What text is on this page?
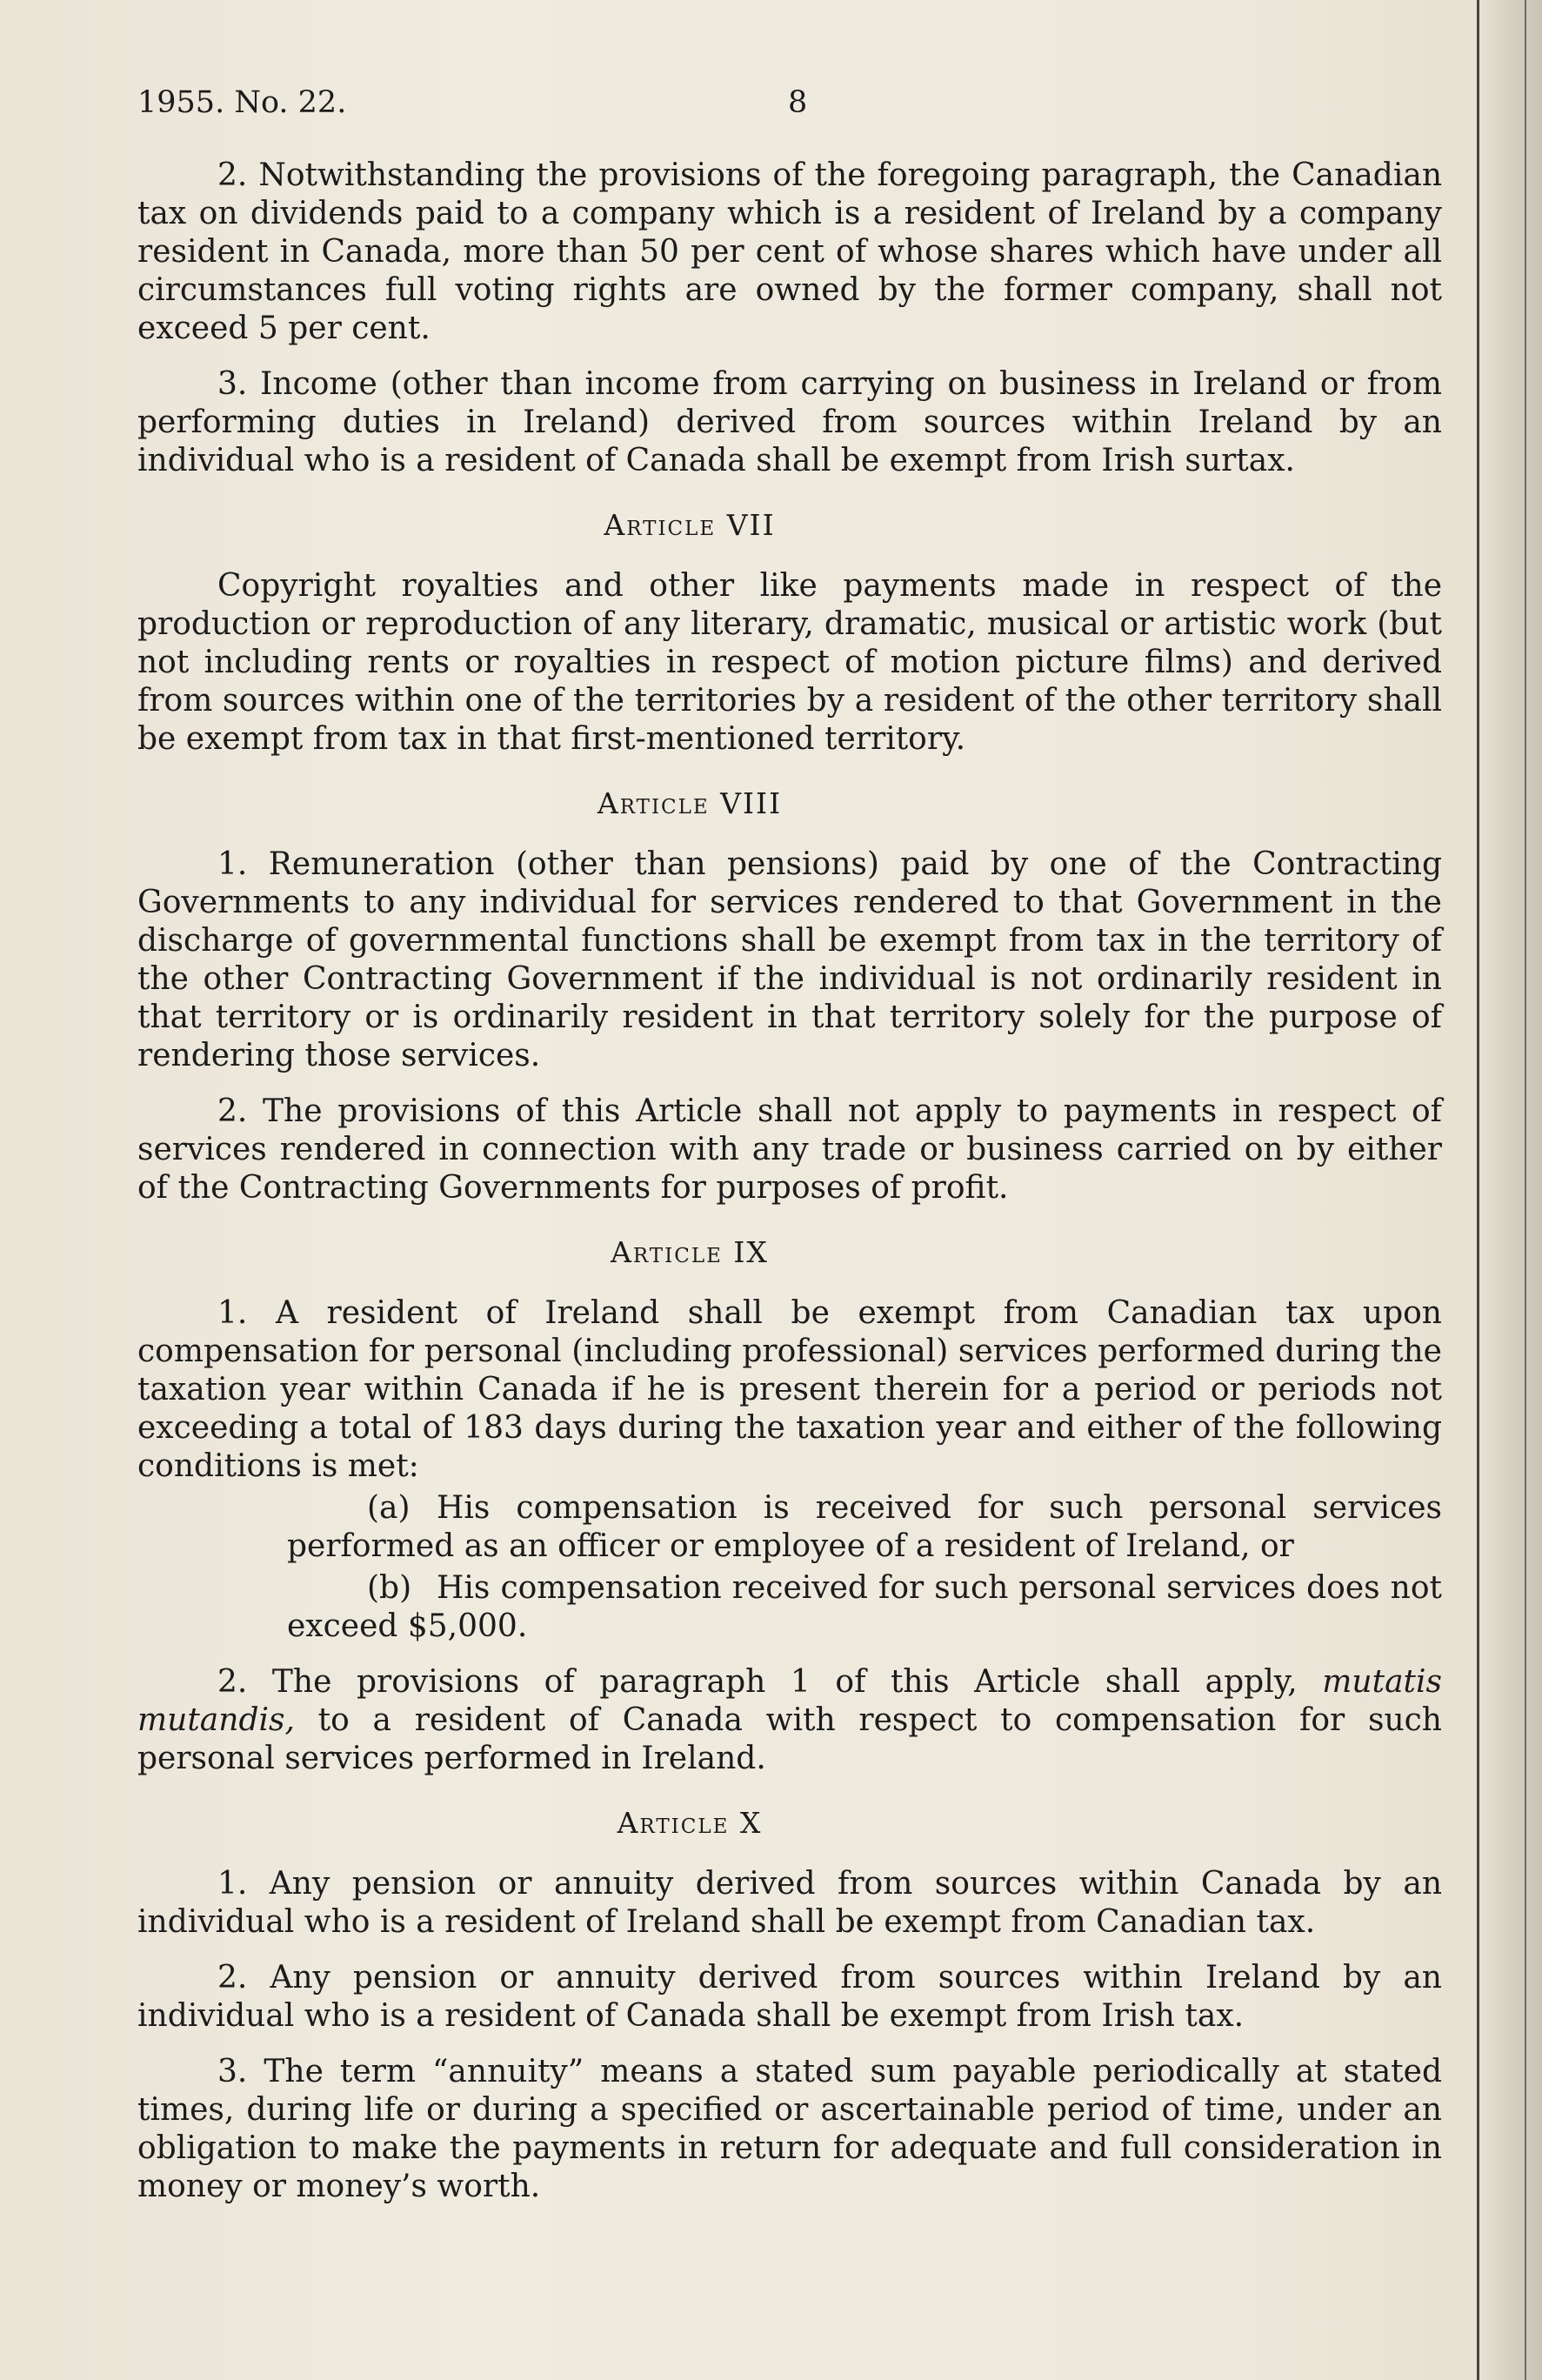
1955. No. 22.	8

2. Notwithstanding the provisions of the foregoing paragraph, the Canadian tax on dividends paid to a company which is a resident of Ireland by a company resident in Canada, more than 50 per cent of whose shares which have under all circumstances full voting rights are owned by the former company, shall not exceed 5 per cent.

3. Income (other than income from carrying on business in Ireland or from performing duties in Ireland) derived from sources within Ireland by an individual who is a resident of Canada shall be exempt from Irish surtax.

Article VII

Copyright royalties and other like payments made in respect of the production or reproduction of any literary, dramatic, musical or artistic work (but not including rents or royalties in respect of motion picture films) and derived from sources within one of the territories by a resident of the other territory shall be exempt from tax in that first-mentioned territory.

Article VIII

1. Remuneration (other than pensions) paid by one of the Contracting Governments to any individual for services rendered to that Government in the discharge of governmental functions shall be exempt from tax in the territory of the other Contracting Government if the individual is not ordinarily resident in that territory or is ordinarily resident in that territory solely for the purpose of rendering those services.

2. The provisions of this Article shall not apply to payments in respect of services rendered in connection with any trade or business carried on by either of the Contracting Governments for purposes of profit.

Article IX

1. A resident of Ireland shall be exempt from Canadian tax upon compensation for personal (including professional) services performed during the taxation year within Canada if he is present therein for a period or periods not exceeding a total of 183 days during the taxation year and either of the following conditions is met:

(a) His compensation is received for such personal services performed as an officer or employee of a resident of Ireland, or

(b) His compensation received for such personal services does not exceed $5,000.

2. The provisions of paragraph 1 of this Article shall apply, mutatis mutandis, to a resident of Canada with respect to compensation for such personal services performed in Ireland.

Article X

1. Any pension or annuity derived from sources within Canada by an individual who is a resident of Ireland shall be exempt from Canadian tax.

2. Any pension or annuity derived from sources within Ireland by an individual who is a resident of Canada shall be exempt from Irish tax.

3. The term “annuity” means a stated sum payable periodically at stated times, during life or during a specified or ascertainable period of time, under an obligation to make the payments in return for adequate and full consideration in money or money’s worth.
